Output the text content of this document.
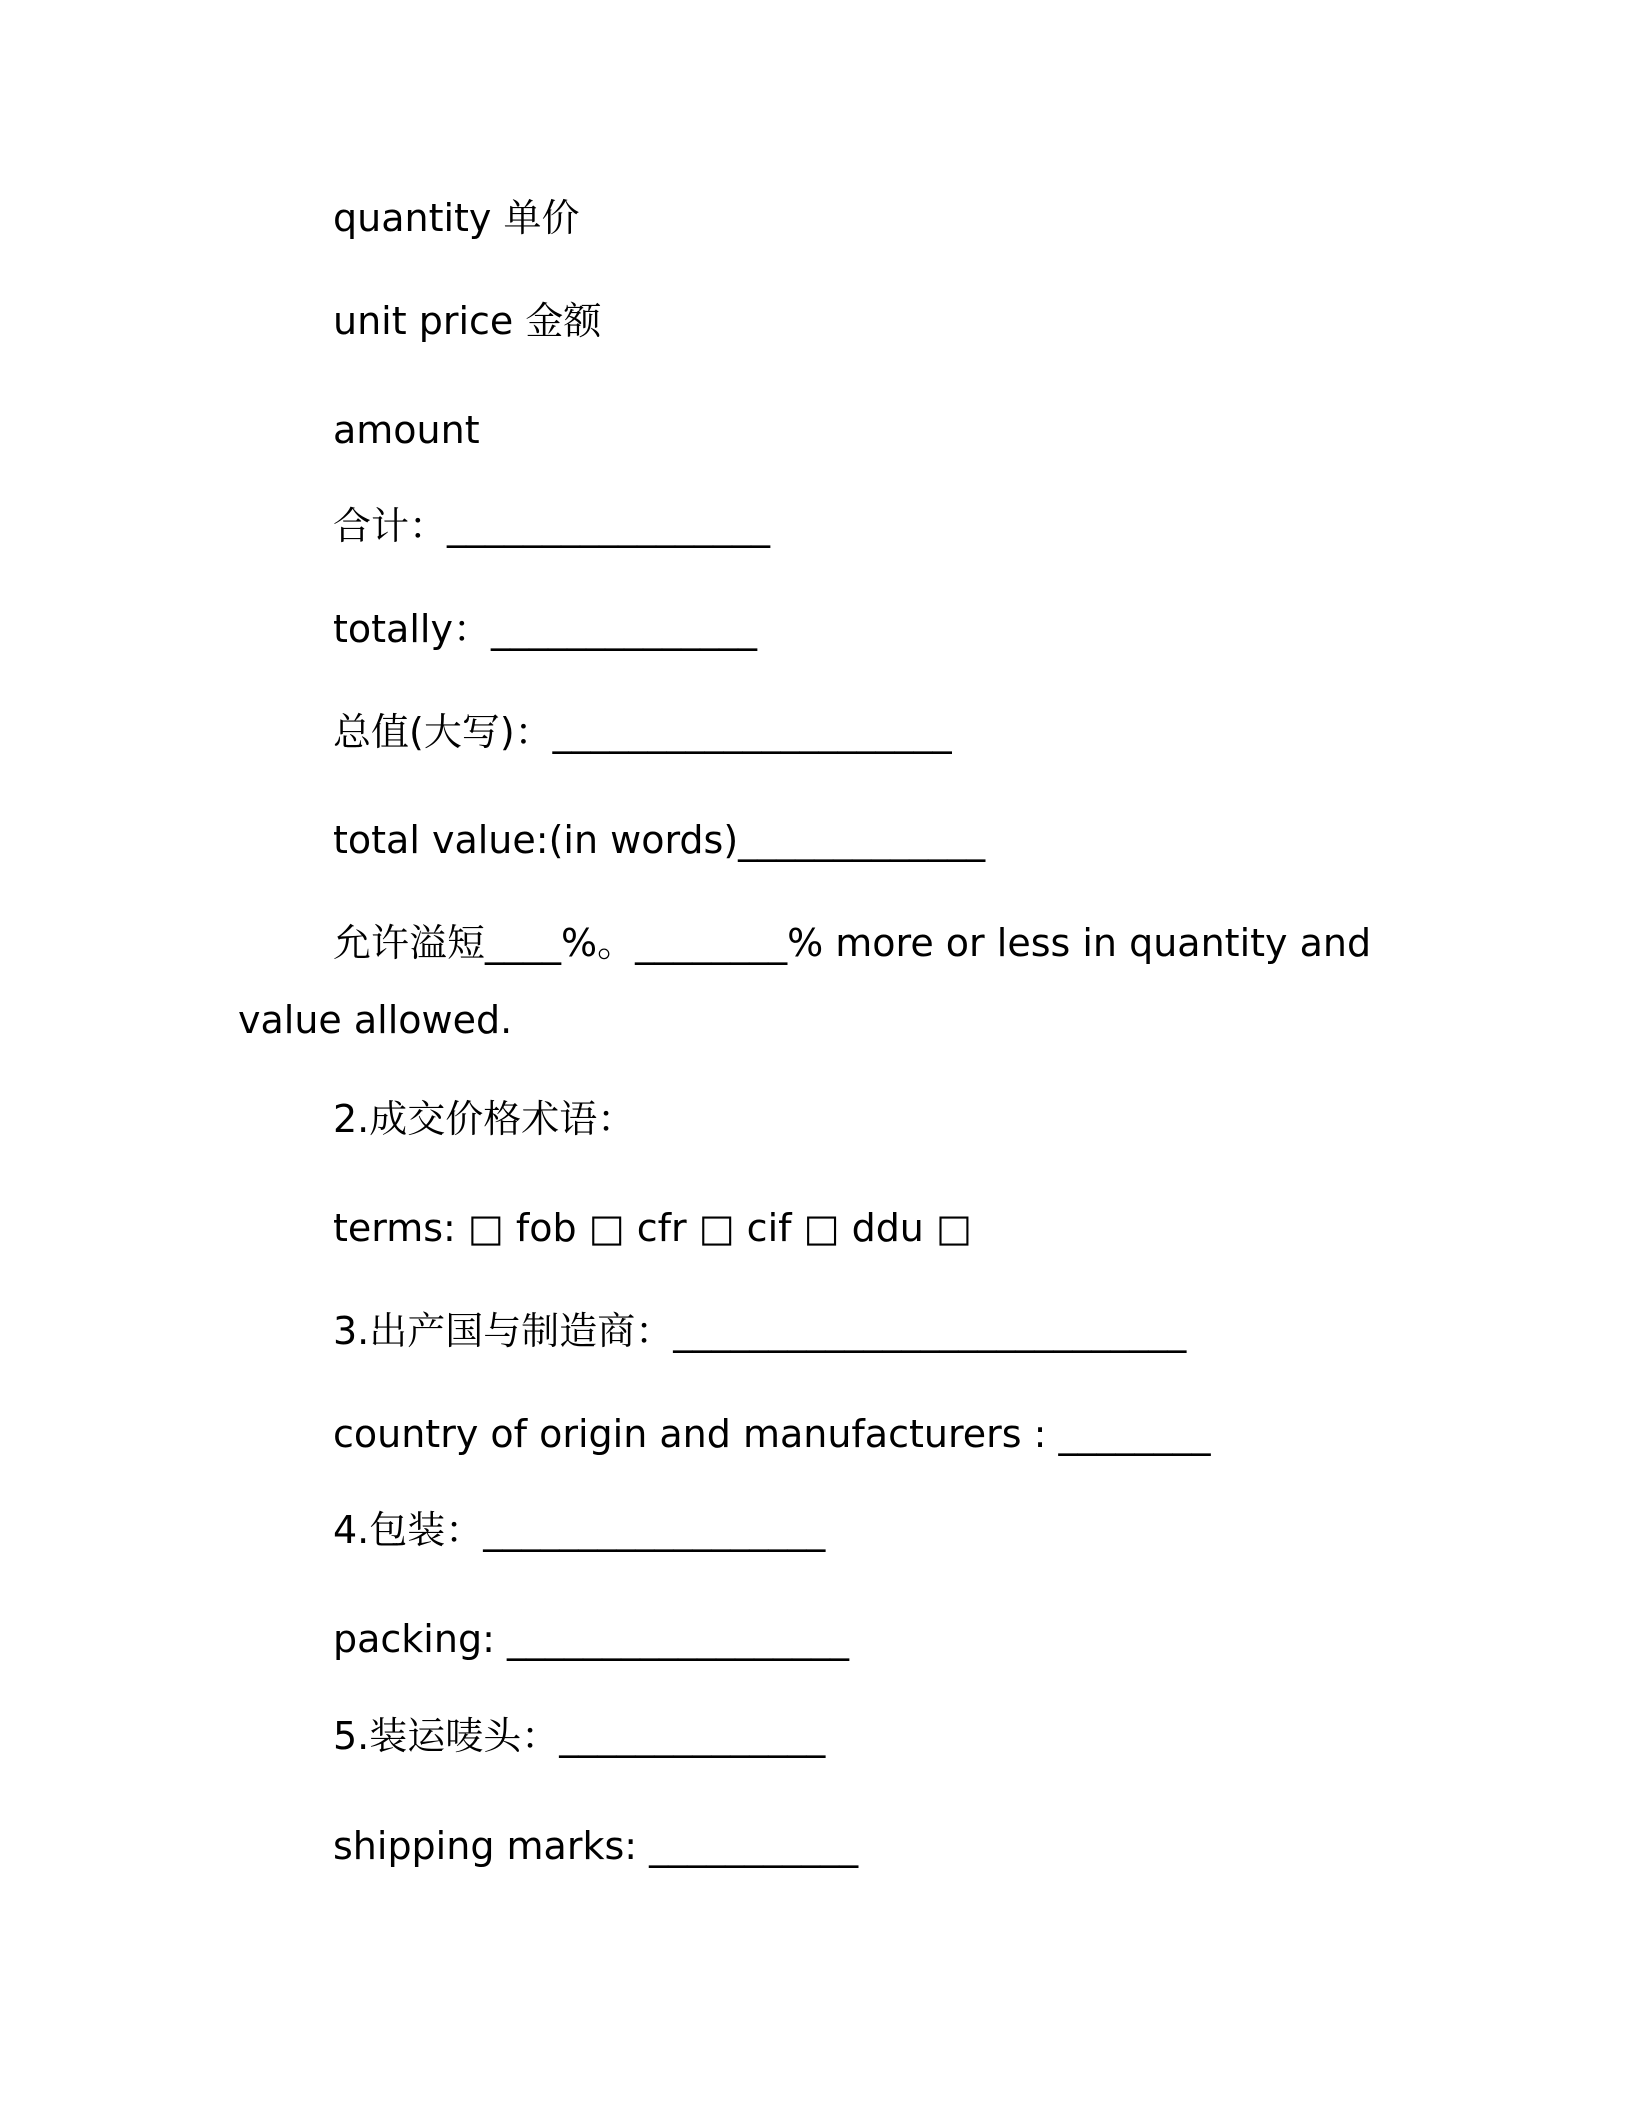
quantity 单价
unit price 金额
amount
合计：_________________
totally：______________
总值(大写)：_____________________
total value:(in words)_____________
允许溢短____%。________% more or less in quantity and
value allowed.
2.成交价格术语：
terms: □ fob □ cfr □ cif □ ddu □
3.出产国与制造商：___________________________
country of origin and manufacturers : ________
4.包装：__________________
packing: __________________
5.装运唛头：______________
shipping marks: ___________
